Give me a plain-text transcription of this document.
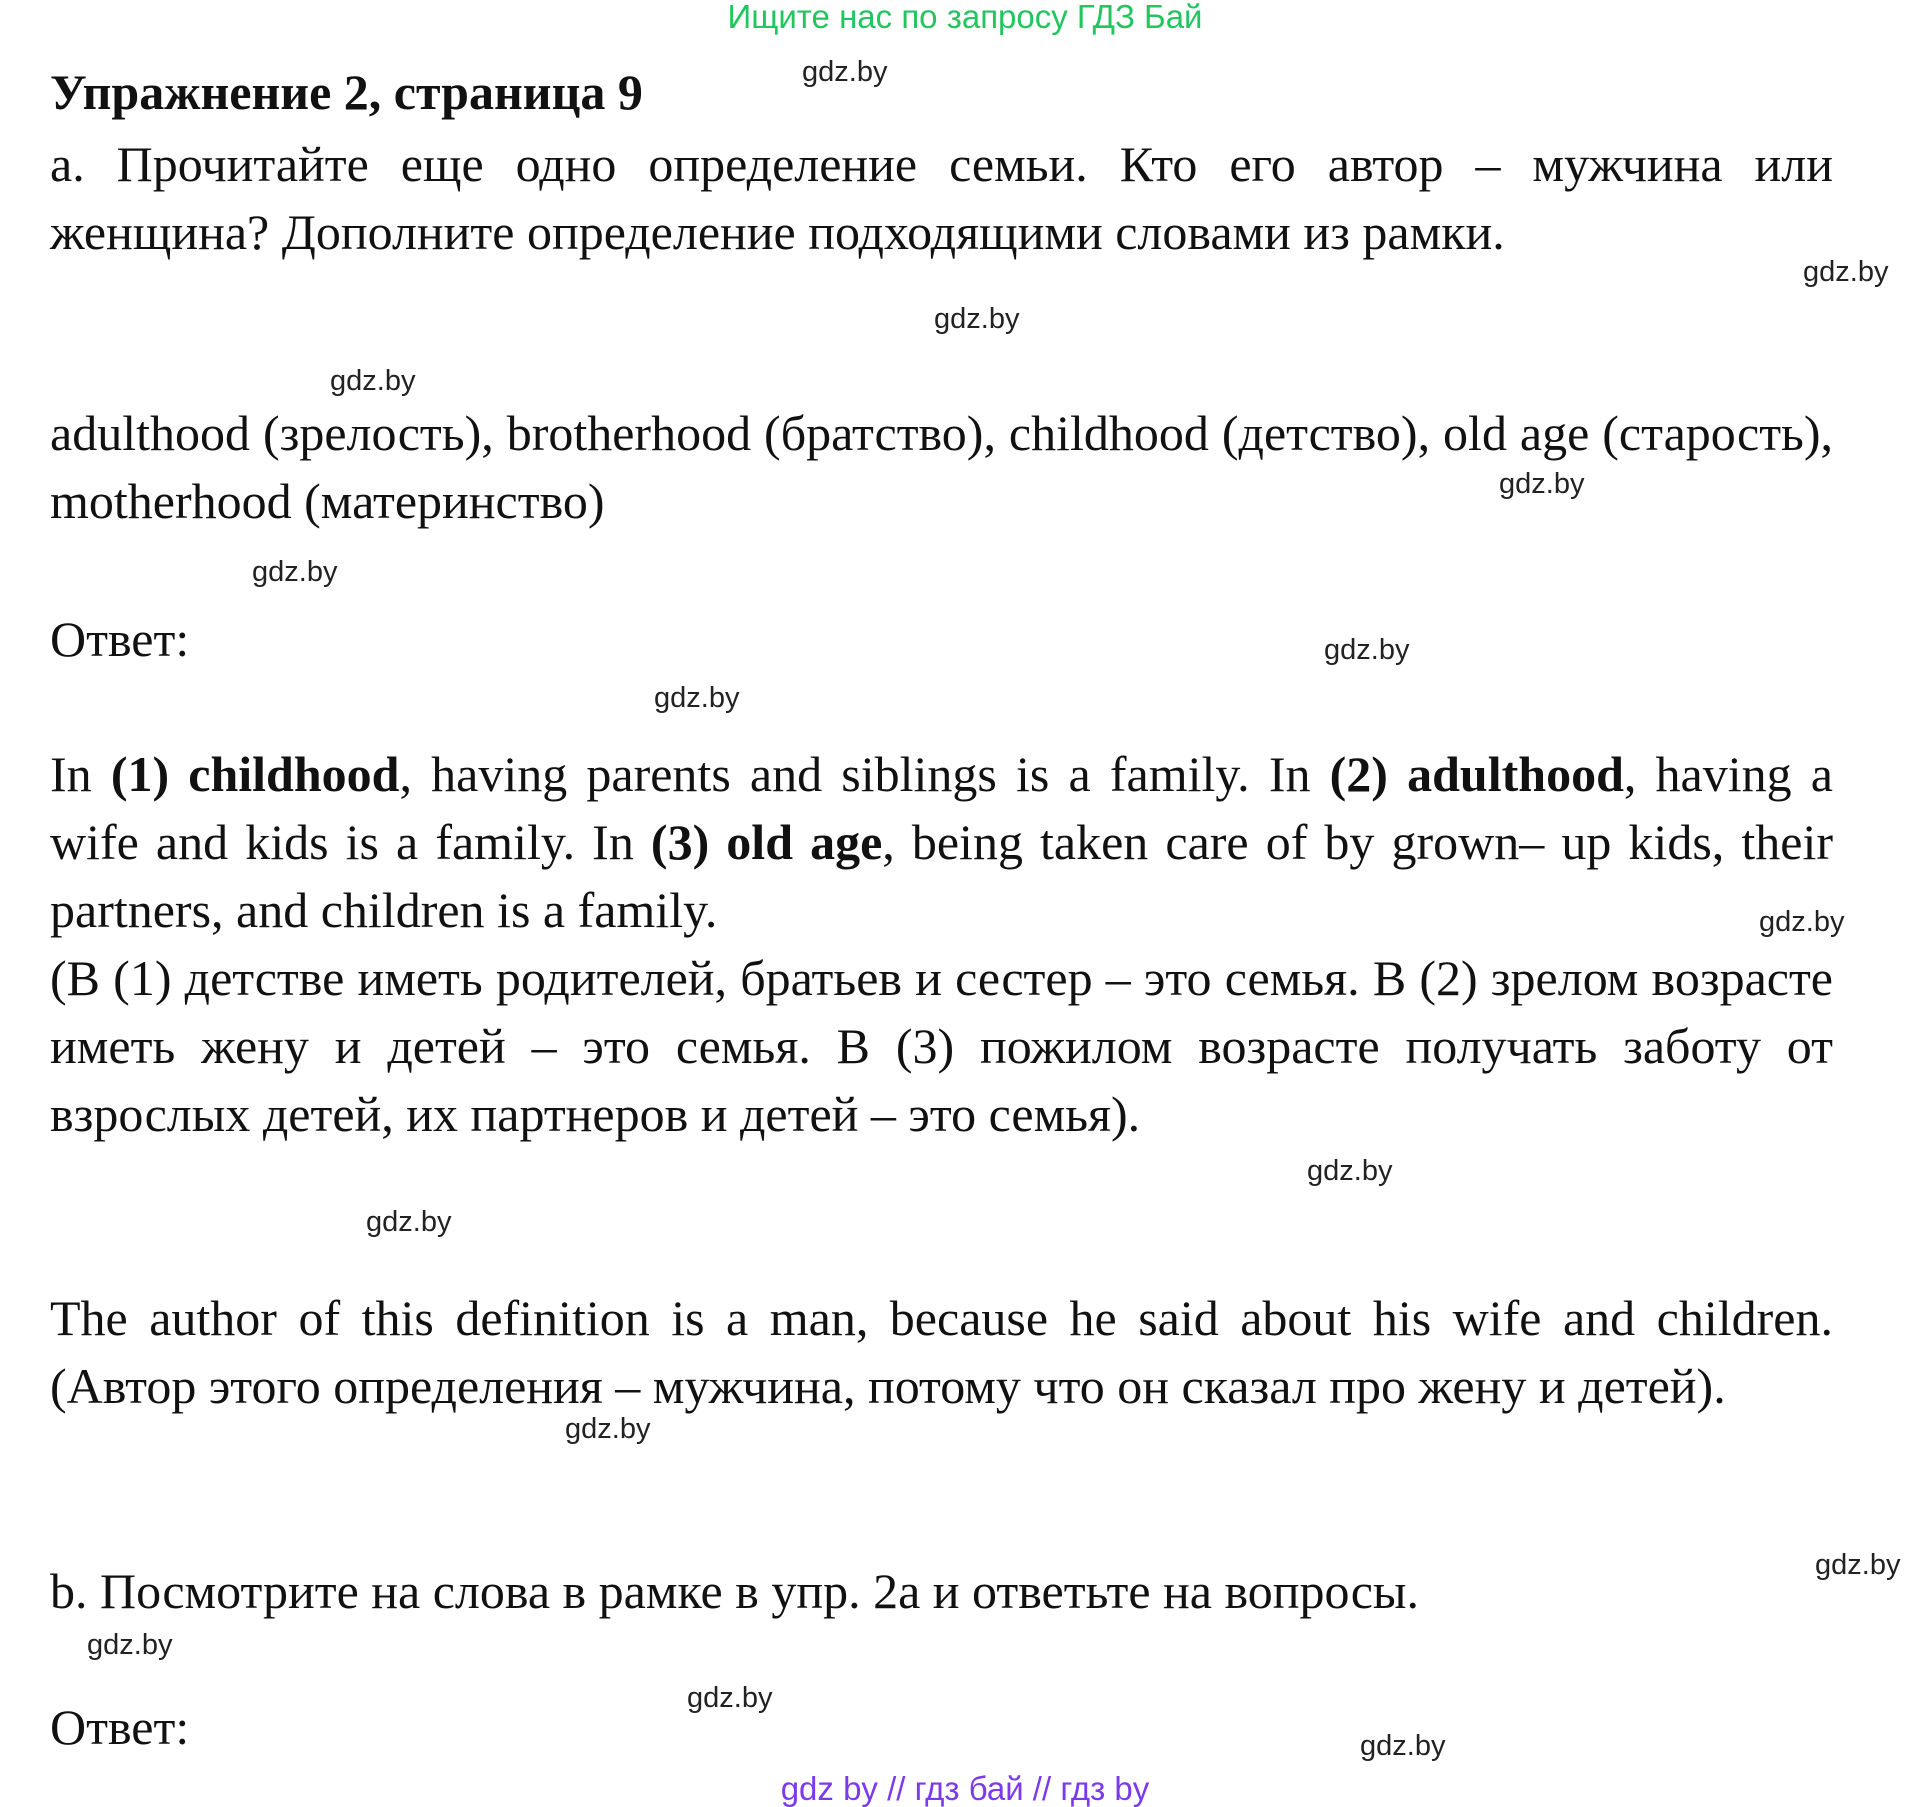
Ищите нас по запросу ГДЗ Бай
Упражнение 2, страница 9

a. Прочитайте еще одно определение семьи. Кто его автор – мужчина или женщина? Дополните определение подходящими словами из рамки.

adulthood (зрелость), brotherhood (братство), childhood (детство), old age (старость), motherhood (материнство)

Ответ:

In (1) childhood, having parents and siblings is a family. In (2) adulthood, having a wife and kids is a family. In (3) old age, being taken care of by grown– up kids, their partners, and children is a family.

(В (1) детстве иметь родителей, братьев и сестер – это семья. В (2) зрелом возрасте иметь жену и детей – это семья. В (3) пожилом возрасте получать заботу от взрослых детей, их партнеров и детей – это семья).

The author of this definition is a man, because he said about his wife and children. (Автор этого определения – мужчина, потому что он сказал про жену и детей).

b. Посмотрите на слова в рамке в упр. 2a и ответьте на вопросы.

Ответ:

gdz.by
gdz.by
gdz.by
gdz.by
gdz.by
gdz.by
gdz.by
gdz.by
gdz.by
gdz.by
gdz.by
gdz.by
gdz.by
gdz.by
gdz.by
gdz.by
gdz by // гдз бай // гдз by
